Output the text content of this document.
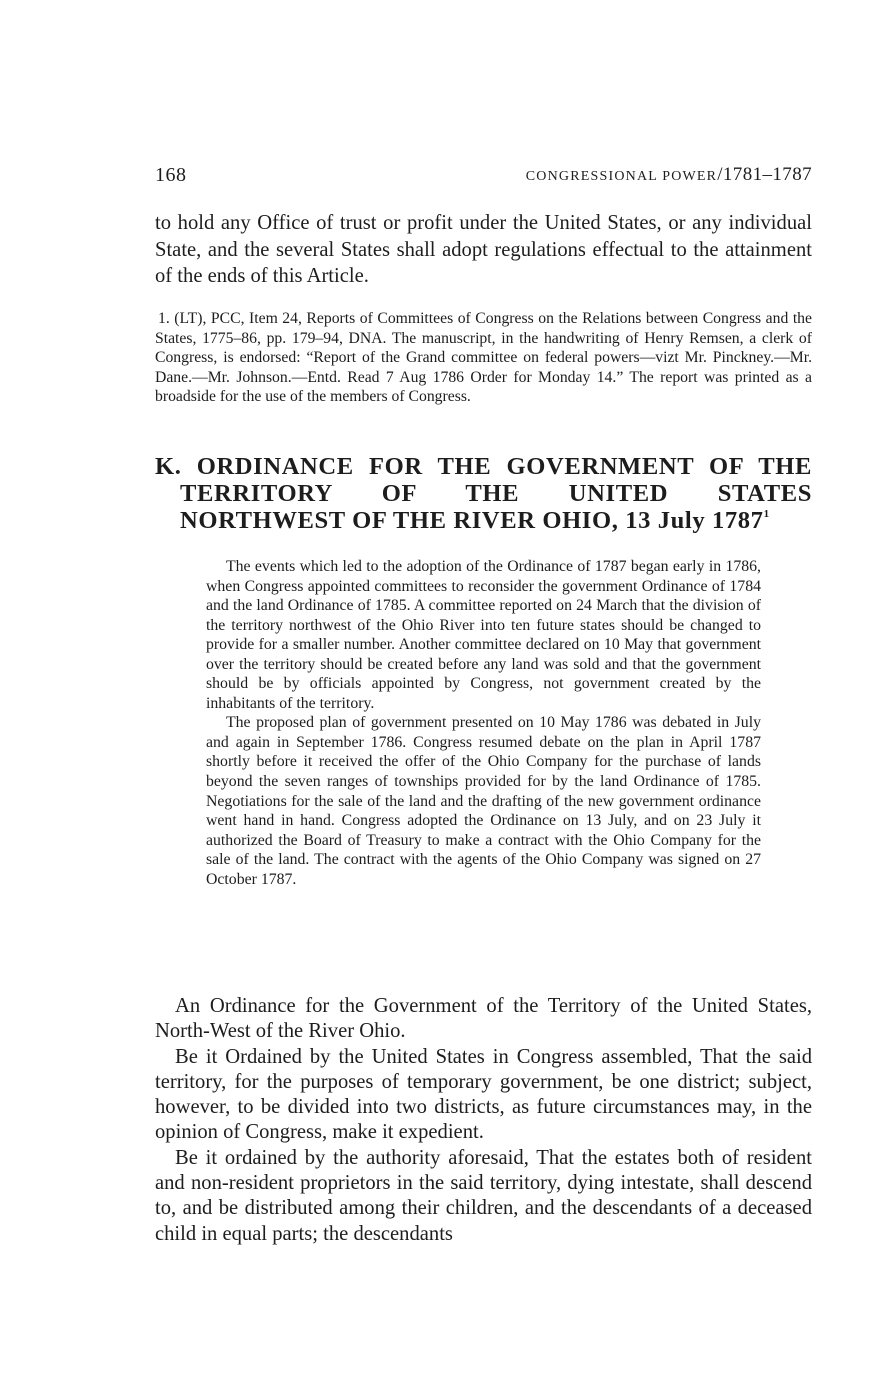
168	CONGRESSIONAL POWER/1781–1787

to hold any Office of trust or profit under the United States, or any individual State, and the several States shall adopt regulations effectual to the attainment of the ends of this Article.

1. (LT), PCC, Item 24, Reports of Committees of Congress on the Relations between Congress and the States, 1775–86, pp. 179–94, DNA. The manuscript, in the handwriting of Henry Remsen, a clerk of Congress, is endorsed: “Report of the Grand committee on federal powers—vizt Mr. Pinckney.—Mr. Dane.—Mr. Johnson.—Entd. Read 7 Aug 1786 Order for Monday 14.” The report was printed as a broadside for the use of the members of Congress.

K. ORDINANCE FOR THE GOVERNMENT OF THE TERRITORY OF THE UNITED STATES NORTHWEST OF THE RIVER OHIO, 13 July 1787$^1$

The events which led to the adoption of the Ordinance of 1787 began early in 1786, when Congress appointed committees to reconsider the government Ordinance of 1784 and the land Ordinance of 1785. A committee reported on 24 March that the division of the territory northwest of the Ohio River into ten future states should be changed to provide for a smaller number. Another committee declared on 10 May that government over the territory should be created before any land was sold and that the government should be by officials appointed by Congress, not government created by the inhabitants of the territory.

The proposed plan of government presented on 10 May 1786 was debated in July and again in September 1786. Congress resumed debate on the plan in April 1787 shortly before it received the offer of the Ohio Company for the purchase of lands beyond the seven ranges of townships provided for by the land Ordinance of 1785. Negotiations for the sale of the land and the drafting of the new government ordinance went hand in hand. Congress adopted the Ordinance on 13 July, and on 23 July it authorized the Board of Treasury to make a contract with the Ohio Company for the sale of the land. The contract with the agents of the Ohio Company was signed on 27 October 1787.

An Ordinance for the Government of the Territory of the United States, North-West of the River Ohio.

Be it Ordained by the United States in Congress assembled, That the said territory, for the purposes of temporary government, be one district; subject, however, to be divided into two districts, as future circumstances may, in the opinion of Congress, make it expedient.

Be it ordained by the authority aforesaid, That the estates both of resident and non-resident proprietors in the said territory, dying intestate, shall descend to, and be distributed among their children, and the descendants of a deceased child in equal parts; the descendants
